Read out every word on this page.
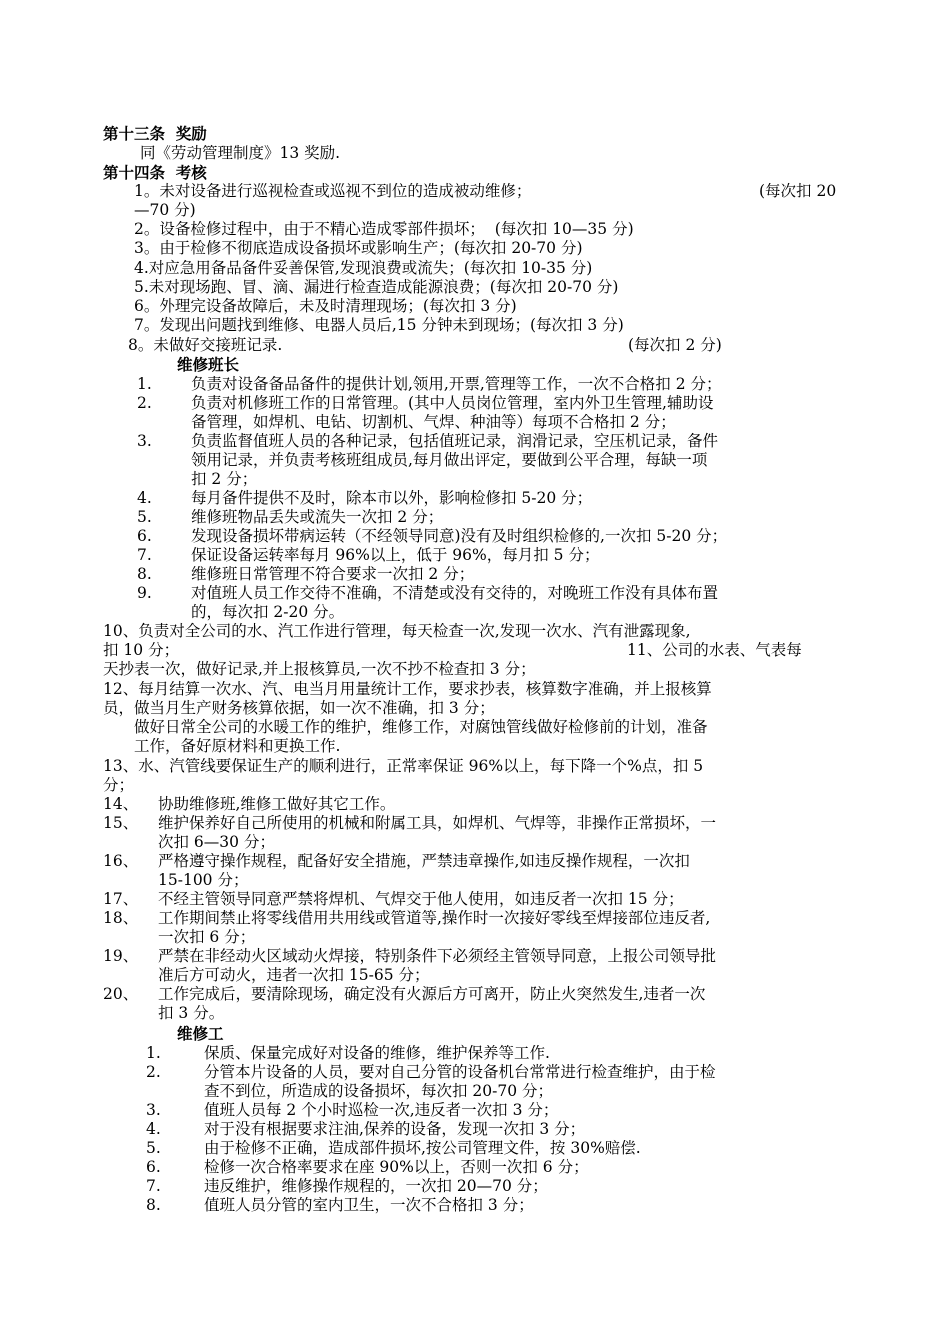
第十三条  奖励
同《劳动管理制度》13 奖励.
第十四条  考核
1。未对设备进行巡视检查或巡视不到位的造成被动维修；	(每次扣 20
—70 分)
2。设备检修过程中，由于不精心造成零部件损坏；  (每次扣 10—35 分)
3。由于检修不彻底造成设备损坏或影响生产；(每次扣 20-70 分)
4.对应急用备品备件妥善保管,发现浪费或流失；(每次扣 10-35 分)
5.未对现场跑、冒、滴、漏进行检查造成能源浪费；(每次扣 20-70 分)
6。外理完设备故障后，未及时清理现场；(每次扣 3 分)
7。发现出问题找到维修、电器人员后,15 分钟未到现场；(每次扣 3 分)
8。未做好交接班记录.	(每次扣 2 分)
维修班长
1.	负责对设备备品备件的提供计划,领用,开票,管理等工作，一次不合格扣 2 分；
2.	负责对机修班工作的日常管理。(其中人员岗位管理，室内外卫生管理,辅助设
备管理，如焊机、电钻、切割机、气焊、种油等）每项不合格扣 2 分；
3.	负责监督值班人员的各种记录，包括值班记录，润滑记录，空压机记录，备件
领用记录，并负责考核班组成员,每月做出评定，要做到公平合理，每缺一项
扣 2 分；
4.	每月备件提供不及时，除本市以外，影响检修扣 5-20 分；
5.	维修班物品丢失或流失一次扣 2 分；
6.	发现设备损坏带病运转（不经领导同意)没有及时组织检修的,一次扣 5-20 分；
7.	保证设备运转率每月 96%以上，低于 96%，每月扣 5 分；
8.	维修班日常管理不符合要求一次扣 2 分；
9.	对值班人员工作交待不准确，不清楚或没有交待的，对晚班工作没有具体布置
的，每次扣 2-20 分。
10、负责对全公司的水、汽工作进行管理，每天检查一次,发现一次水、汽有泄露现象,
扣 10 分；	11、公司的水表、气表每
天抄表一次，做好记录,并上报核算员,一次不抄不检查扣 3 分；
12、每月结算一次水、汽、电当月用量统计工作，要求抄表，核算数字准确，并上报核算
员，做当月生产财务核算依据，如一次不准确，扣 3 分；
做好日常全公司的水暖工作的维护，维修工作，对腐蚀管线做好检修前的计划，准备
工作，备好原材料和更换工作.
13、水、汽管线要保证生产的顺利进行，正常率保证 96%以上，每下降一个%点，扣 5
分；
14、 协助维修班,维修工做好其它工作。
15、 维护保养好自己所使用的机械和附属工具，如焊机、气焊等，非操作正常损坏，一
次扣 6—30 分；
16、 严格遵守操作规程，配备好安全措施，严禁违章操作,如违反操作规程，一次扣
15-100 分；
17、 不经主管领导同意严禁将焊机、气焊交于他人使用，如违反者一次扣 15 分；
18、 工作期间禁止将零线借用共用线或管道等,操作时一次接好零线至焊接部位违反者,
一次扣 6 分；
19、 严禁在非经动火区域动火焊接，特别条件下必须经主管领导同意，上报公司领导批
准后方可动火，违者一次扣 15-65 分；
20、 工作完成后，要清除现场，确定没有火源后方可离开，防止火突然发生,违者一次
扣 3 分。
维修工
1.	保质、保量完成好对设备的维修，维护保养等工作.
2.	分管本片设备的人员，要对自己分管的设备机台常常进行检查维护，由于检
查不到位，所造成的设备损坏，每次扣 20-70 分；
3.	值班人员每 2 个小时巡检一次,违反者一次扣 3 分；
4.	对于没有根据要求注油,保养的设备，发现一次扣 3 分；
5.	由于检修不正确，造成部件损坏,按公司管理文件，按 30%赔偿.
6.	检修一次合格率要求在座 90%以上，否则一次扣 6 分；
7.	违反维护，维修操作规程的，一次扣 20—70 分；
8.	值班人员分管的室内卫生，一次不合格扣 3 分；
